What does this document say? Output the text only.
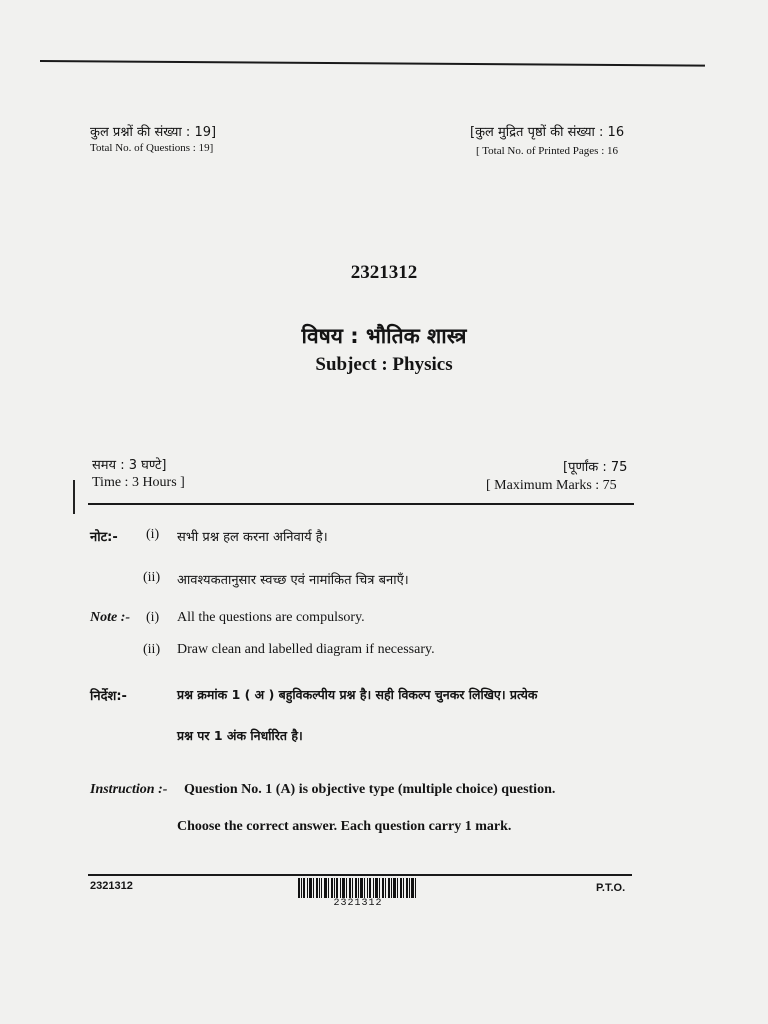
कुल प्रश्नों की संख्या : 19]
Total No. of Questions : 19]
[कुल मुद्रित पृष्ठों की संख्या : 16
[ Total No. of Printed Pages : 16
2321312
विषय : भौतिक शास्त्र
Subject : Physics
समय : 3 घण्टे]
Time : 3 Hours ]
[पूर्णांक : 75
[ Maximum Marks : 75
नोट:- (i) सभी प्रश्न हल करना अनिवार्य है।
(ii) आवश्यकतानुसार स्वच्छ एवं नामांकित चित्र बनाएँ।
Note :- (i) All the questions are compulsory.
(ii) Draw clean and labelled diagram if necessary.
निर्देश:-	प्रश्न क्रमांक 1 ( अ ) बहुविकल्पीय प्रश्न है। सही विकल्प चुनकर लिखिए। प्रत्येक
प्रश्न पर 1 अंक निर्धारित है।
Instruction :- Question No. 1 (A) is objective type (multiple choice) question.
Choose the correct answer. Each question carry 1 mark.
2321312
2321312
P.T.O.
